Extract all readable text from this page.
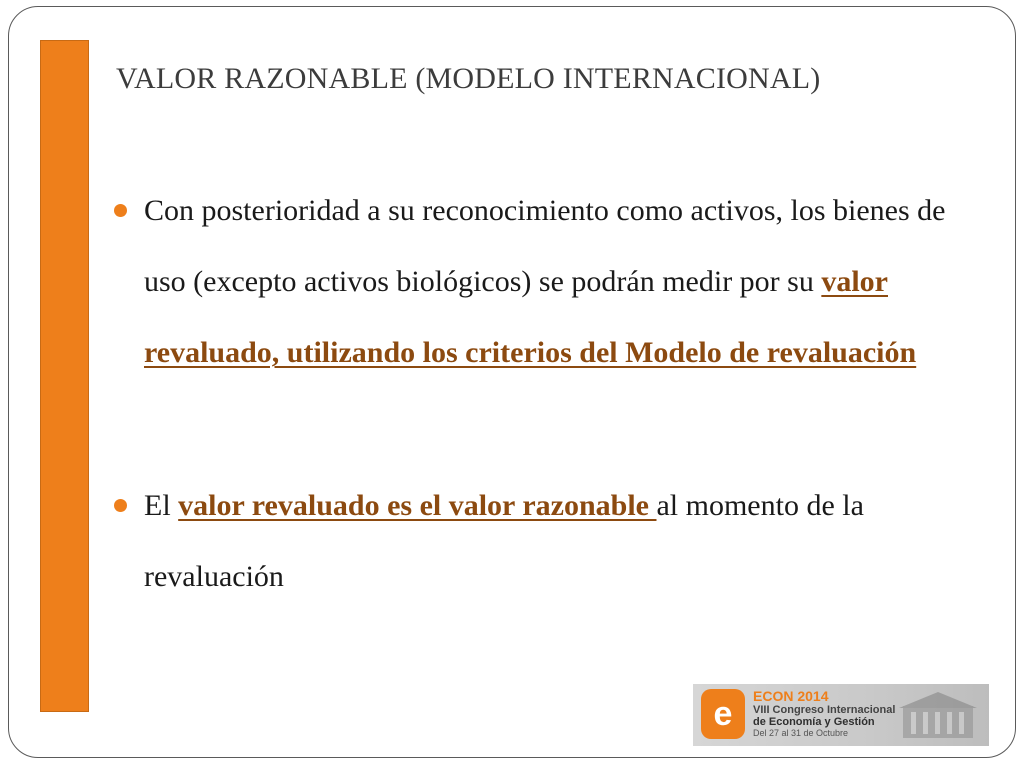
VALOR RAZONABLE (MODELO INTERNACIONAL)
Con posterioridad a su reconocimiento como activos, los bienes de uso (excepto activos biológicos) se podrán medir por su valor revaluado, utilizando los criterios del Modelo de revaluación
El valor revaluado es el valor razonable al momento de la revaluación
e	ECON 2014
VIII Congreso Internacional
de Economía y Gestión
Del 27 al 31 de Octubre
